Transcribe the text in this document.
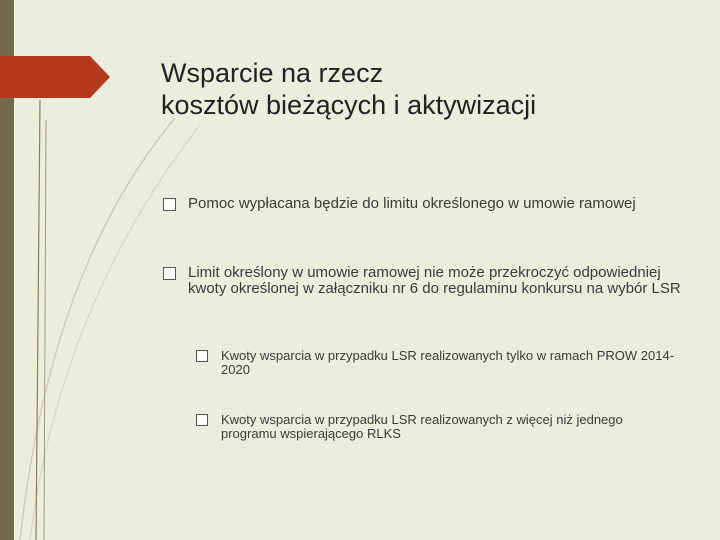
Wsparcie na rzecz
kosztów bieżących i aktywizacji
Pomoc wypłacana będzie do limitu określonego w umowie ramowej
Limit określony w umowie ramowej nie może przekroczyć odpowiedniej kwoty określonej w załączniku nr 6 do regulaminu konkursu na wybór LSR
Kwoty wsparcia w przypadku LSR realizowanych tylko w ramach PROW 2014-2020
Kwoty wsparcia w przypadku LSR realizowanych z więcej niż jednego programu wspierającego RLKS
